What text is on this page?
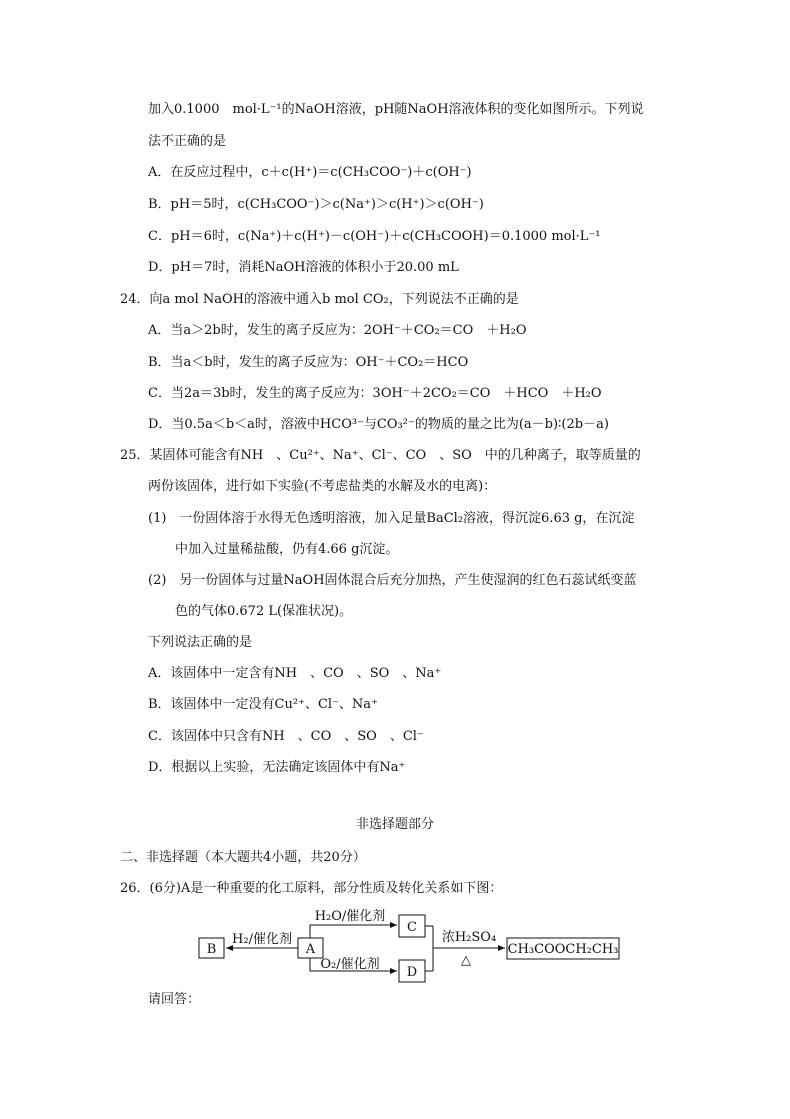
加入0.1000　mol·L⁻¹的NaOH溶液，pH随NaOH溶液体积的变化如图所示。下列说
法不正确的是
A．在反应过程中，c＋c(H⁺)＝c(CH₃COO⁻)＋c(OH⁻)
B．pH＝5时，c(CH₃COO⁻)＞c(Na⁺)＞c(H⁺)＞c(OH⁻)
C．pH＝6时，c(Na⁺)＋c(H⁺)－c(OH⁻)＋c(CH₃COOH)＝0.1000 mol·L⁻¹
D．pH＝7时，消耗NaOH溶液的体积小于20.00 mL
24．向a mol NaOH的溶液中通入b mol CO₂，下列说法不正确的是
A．当a＞2b时，发生的离子反应为：2OH⁻＋CO₂＝CO　＋H₂O
B．当a＜b时，发生的离子反应为：OH⁻＋CO₂＝HCO
C．当2a＝3b时，发生的离子反应为：3OH⁻＋2CO₂＝CO　＋HCO　＋H₂O
D．当0.5a＜b＜a时，溶液中HCO³⁻与CO₃²⁻的物质的量之比为(a－b)∶(2b－a)
25．某固体可能含有NH　、Cu²⁺、Na⁺、Cl⁻、CO　、SO　中的几种离子，取等质量的
两份该固体，进行如下实验(不考虑盐类的水解及水的电离)：
(1)　一份固体溶于水得无色透明溶液，加入足量BaCl₂溶液，得沉淀6.63 g，在沉淀
中加入过量稀盐酸，仍有4.66 g沉淀。
(2)　另一份固体与过量NaOH固体混合后充分加热，产生使湿润的红色石蕊试纸变蓝
色的气体0.672 L(保准状况)。
下列说法正确的是
A．该固体中一定含有NH　、CO　、SO　、Na⁺
B．该固体中一定没有Cu²⁺、Cl⁻、Na⁺
C．该固体中只含有NH　、CO　、SO　、Cl⁻
D．根据以上实验，无法确定该固体中有Na⁺
非选择题部分
二、非选择题（本大题共4小题，共20分）
26．(6分)A是一种重要的化工原料，部分性质及转化关系如下图：
B	A
H₂/催化剂
H₂O/催化剂
O₂/催化剂
C
D
浓H₂SO₄
△
CH₃COOCH₂CH₃
请回答：
